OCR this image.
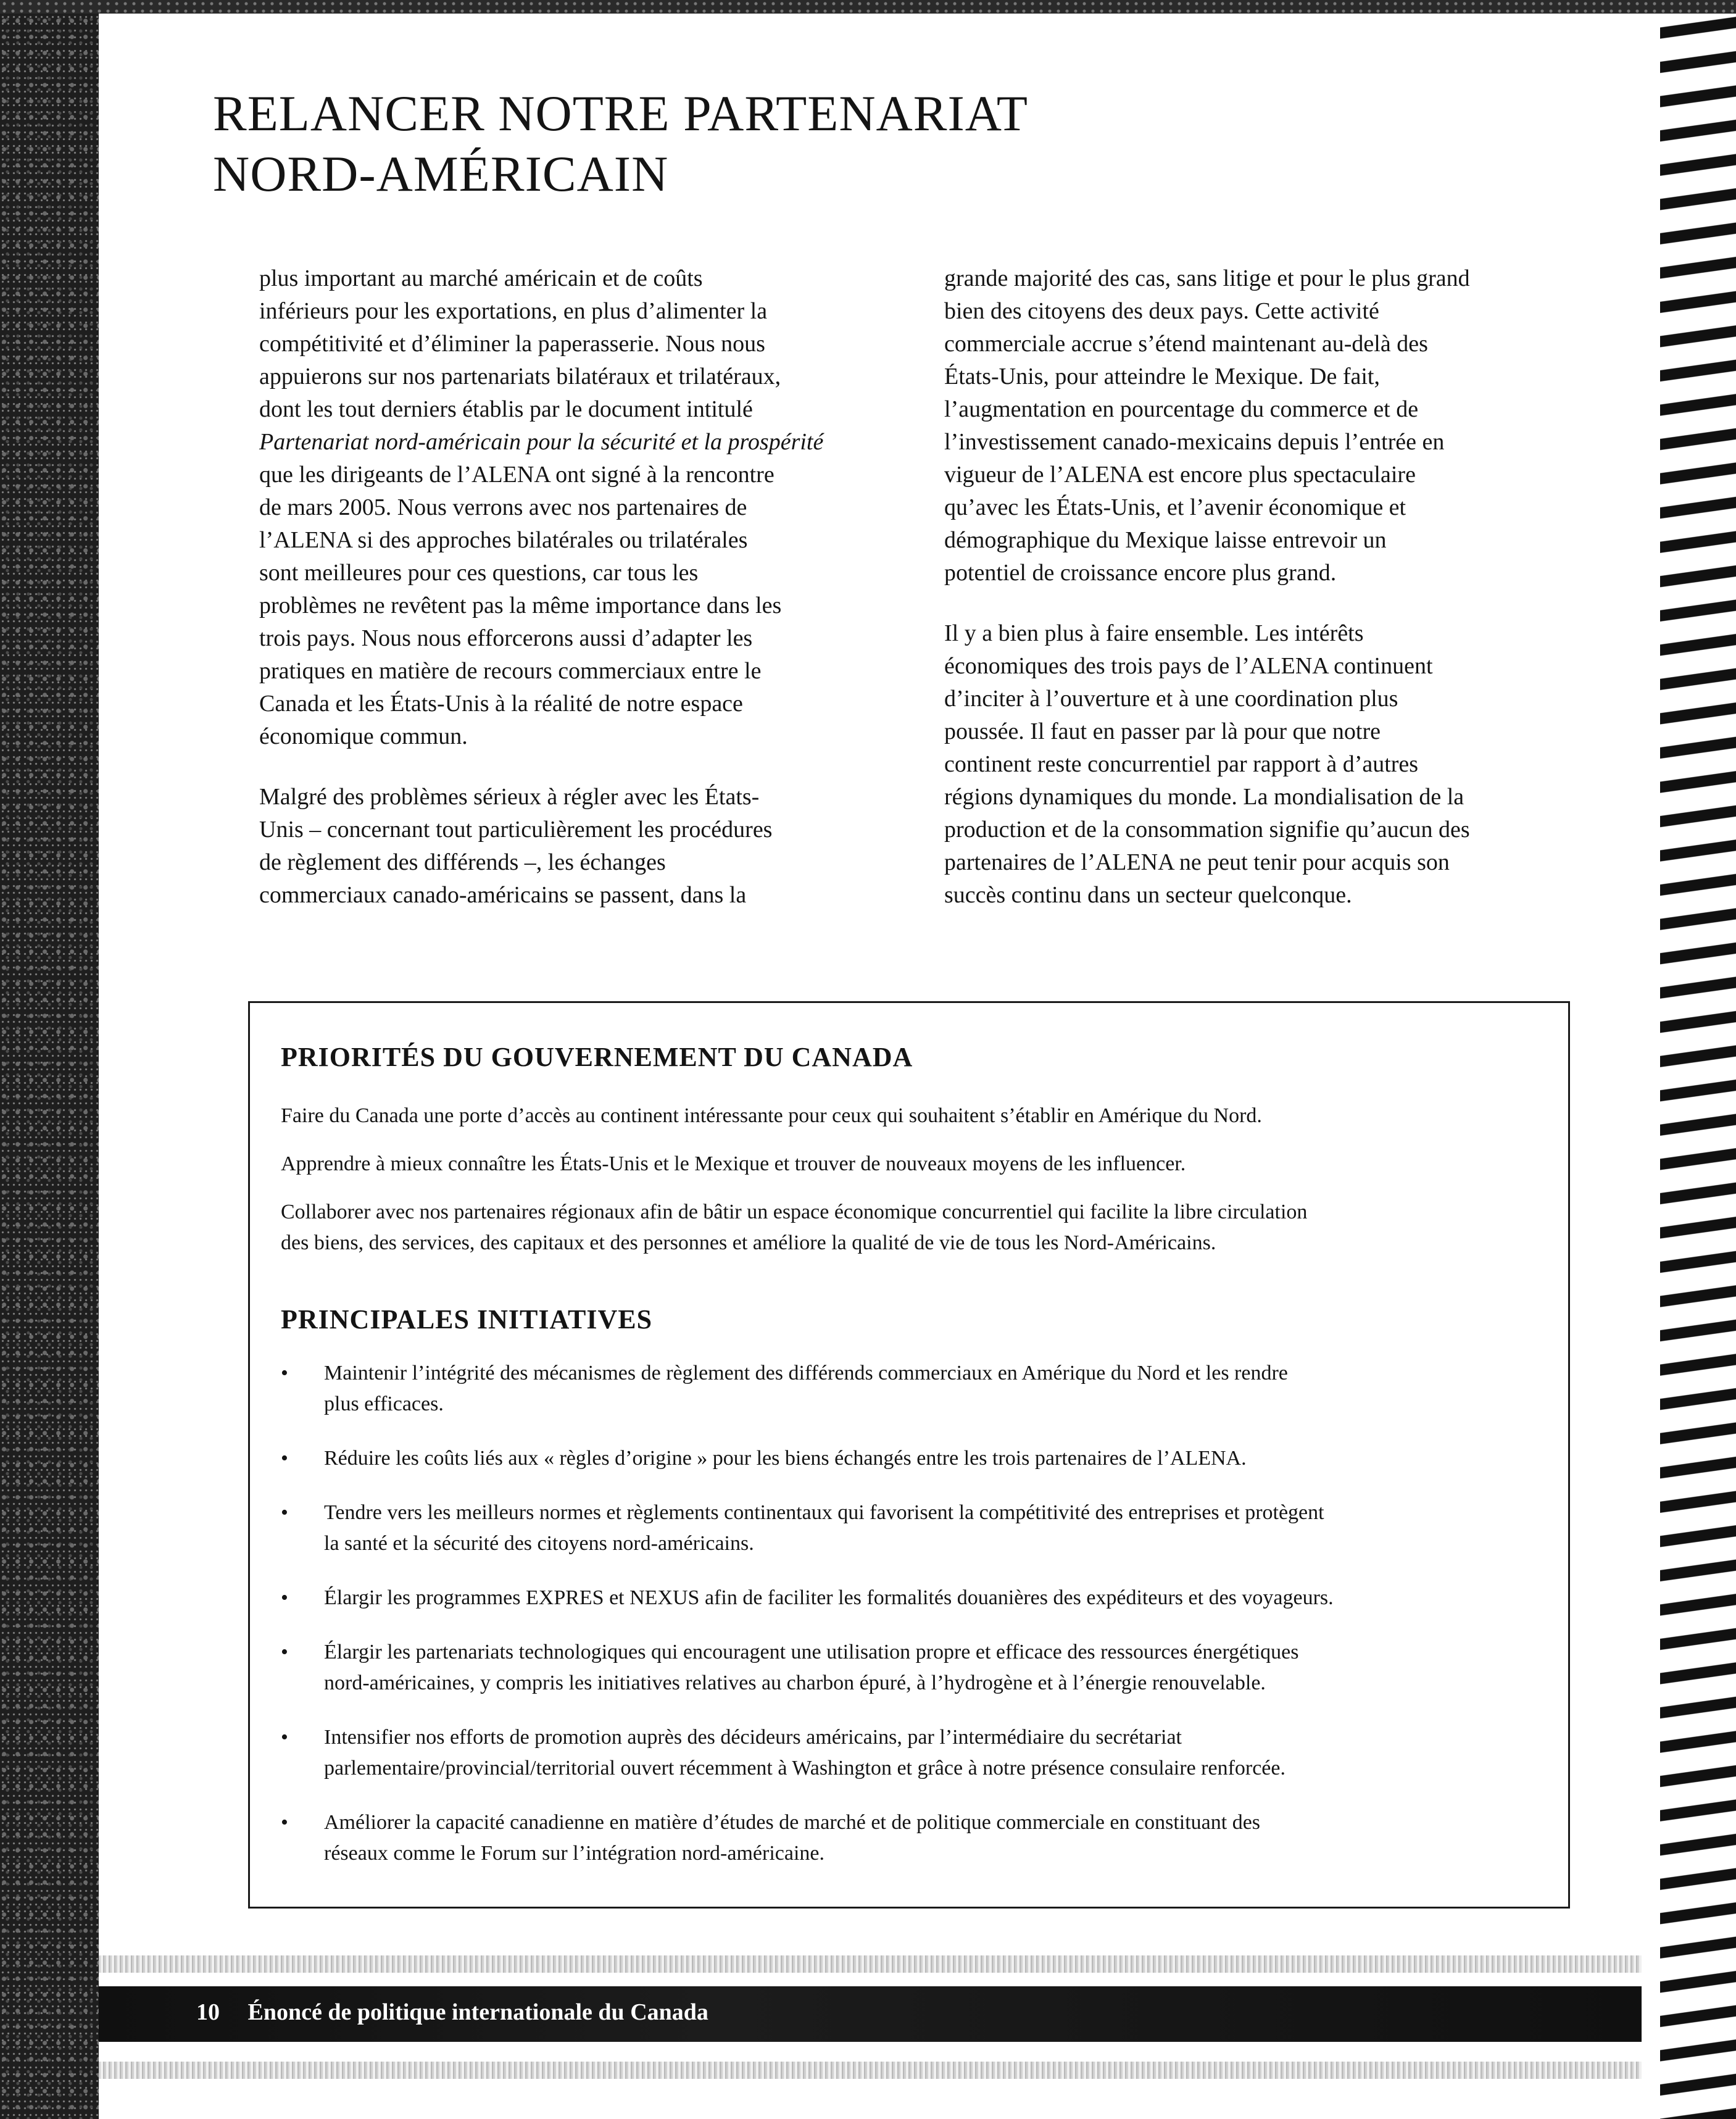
RELANCER NOTRE PARTENARIAT
NORD-AMÉRICAIN

plus important au marché américain et de coûts
inférieurs pour les exportations, en plus d’alimenter la
compétitivité et d’éliminer la paperasserie. Nous nous
appuierons sur nos partenariats bilatéraux et trilatéraux,
dont les tout derniers établis par le document intitulé
Partenariat nord-américain pour la sécurité et la prospérité
que les dirigeants de l’ALENA ont signé à la rencontre
de mars 2005. Nous verrons avec nos partenaires de
l’ALENA si des approches bilatérales ou trilatérales
sont meilleures pour ces questions, car tous les
problèmes ne revêtent pas la même importance dans les
trois pays. Nous nous efforcerons aussi d’adapter les
pratiques en matière de recours commerciaux entre le
Canada et les États-Unis à la réalité de notre espace
économique commun.

Malgré des problèmes sérieux à régler avec les États-
Unis – concernant tout particulièrement les procédures
de règlement des différends –, les échanges
commerciaux canado-américains se passent, dans la

grande majorité des cas, sans litige et pour le plus grand
bien des citoyens des deux pays. Cette activité
commerciale accrue s’étend maintenant au-delà des
États-Unis, pour atteindre le Mexique. De fait,
l’augmentation en pourcentage du commerce et de
l’investissement canado-mexicains depuis l’entrée en
vigueur de l’ALENA est encore plus spectaculaire
qu’avec les États-Unis, et l’avenir économique et
démographique du Mexique laisse entrevoir un
potentiel de croissance encore plus grand.

Il y a bien plus à faire ensemble. Les intérêts
économiques des trois pays de l’ALENA continuent
d’inciter à l’ouverture et à une coordination plus
poussée. Il faut en passer par là pour que notre
continent reste concurrentiel par rapport à d’autres
régions dynamiques du monde. La mondialisation de la
production et de la consommation signifie qu’aucun des
partenaires de l’ALENA ne peut tenir pour acquis son
succès continu dans un secteur quelconque.

PRIORITÉS DU GOUVERNEMENT DU CANADA

Faire du Canada une porte d’accès au continent intéressante pour ceux qui souhaitent s’établir en Amérique du Nord.

Apprendre à mieux connaître les États-Unis et le Mexique et trouver de nouveaux moyens de les influencer.

Collaborer avec nos partenaires régionaux afin de bâtir un espace économique concurrentiel qui facilite la libre circulation

des biens, des services, des capitaux et des personnes et améliore la qualité de vie de tous les Nord-Américains.

PRINCIPALES INITIATIVES
• Maintenir l’intégrité des mécanismes de règlement des différends commerciaux en Amérique du Nord et les rendre
plus efficaces.
• Réduire les coûts liés aux « règles d’origine » pour les biens échangés entre les trois partenaires de l’ALENA.
• Tendre vers les meilleurs normes et règlements continentaux qui favorisent la compétitivité des entreprises et protègent
la santé et la sécurité des citoyens nord-américains.
• Élargir les programmes EXPRES et NEXUS afin de faciliter les formalités douanières des expéditeurs et des voyageurs.
• Élargir les partenariats technologiques qui encouragent une utilisation propre et efficace des ressources énergétiques
nord-américaines, y compris les initiatives relatives au charbon épuré, à l’hydrogène et à l’énergie renouvelable.
• Intensifier nos efforts de promotion auprès des décideurs américains, par l’intermédiaire du secrétariat
parlementaire/provincial/territorial ouvert récemment à Washington et grâce à notre présence consulaire renforcée.
• Améliorer la capacité canadienne en matière d’études de marché et de politique commerciale en constituant des
réseaux comme le Forum sur l’intégration nord-américaine.
10 Énoncé de politique internationale du Canada
